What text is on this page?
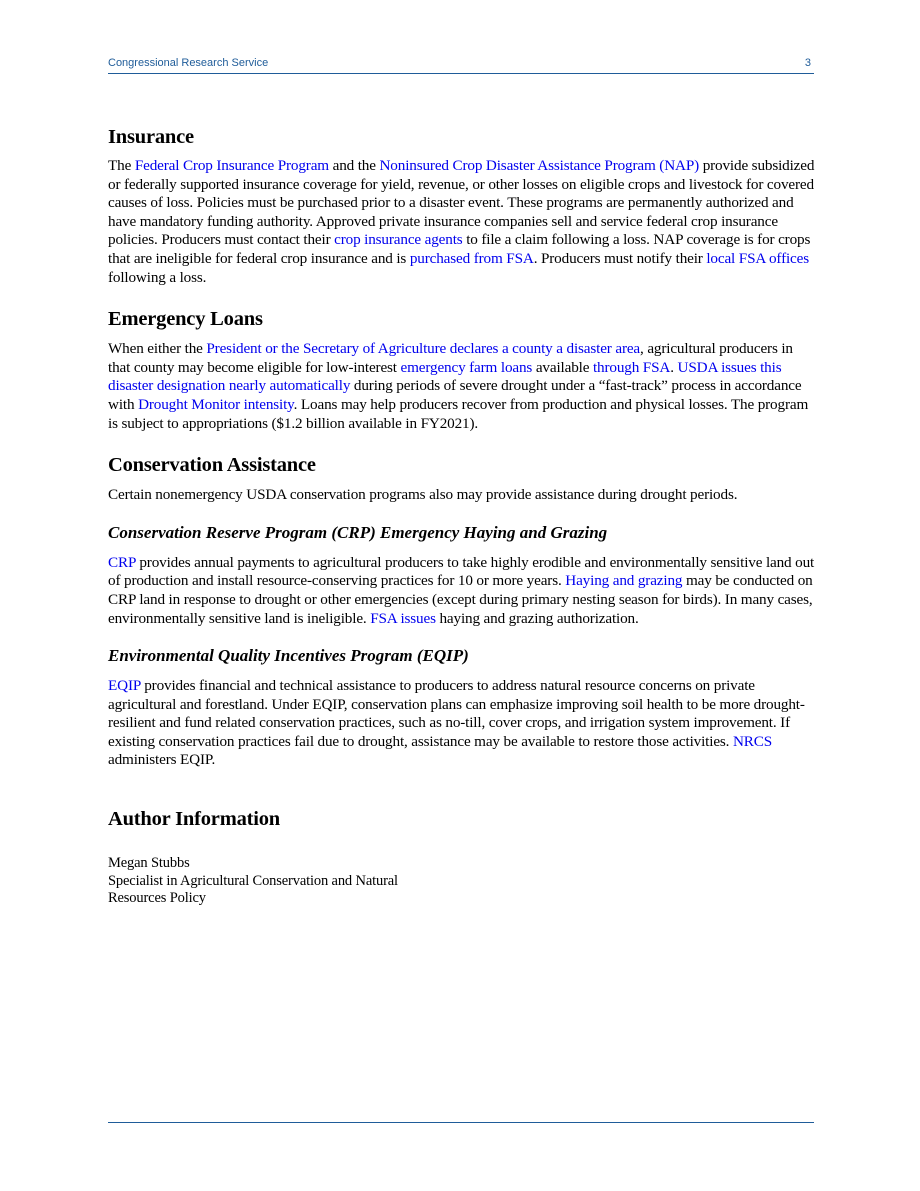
Congressional Research Service	3
Insurance

The Federal Crop Insurance Program and the Noninsured Crop Disaster Assistance Program (NAP) provide subsidized or federally supported insurance coverage for yield, revenue, or other losses on eligible crops and livestock for covered causes of loss. Policies must be purchased prior to a disaster event. These programs are permanently authorized and have mandatory funding authority. Approved private insurance companies sell and service federal crop insurance policies. Producers must contact their crop insurance agents to file a claim following a loss. NAP coverage is for crops that are ineligible for federal crop insurance and is purchased from FSA. Producers must notify their local FSA offices following a loss.

Emergency Loans

When either the President or the Secretary of Agriculture declares a county a disaster area, agricultural producers in that county may become eligible for low-interest emergency farm loans available through FSA. USDA issues this disaster designation nearly automatically during periods of severe drought under a “fast-track” process in accordance with Drought Monitor intensity. Loans may help producers recover from production and physical losses. The program is subject to appropriations ($1.2 billion available in FY2021).

Conservation Assistance

Certain nonemergency USDA conservation programs also may provide assistance during drought periods.

Conservation Reserve Program (CRP) Emergency Haying and Grazing

CRP provides annual payments to agricultural producers to take highly erodible and environmentally sensitive land out of production and install resource-conserving practices for 10 or more years. Haying and grazing may be conducted on CRP land in response to drought or other emergencies (except during primary nesting season for birds). In many cases, environmentally sensitive land is ineligible. FSA issues haying and grazing authorization.

Environmental Quality Incentives Program (EQIP)

EQIP provides financial and technical assistance to producers to address natural resource concerns on private agricultural and forestland. Under EQIP, conservation plans can emphasize improving soil health to be more drought-resilient and fund related conservation practices, such as no-till, cover crops, and irrigation system improvement. If existing conservation practices fail due to drought, assistance may be available to restore those activities. NRCS administers EQIP.

Author Information

Megan Stubbs

Specialist in Agricultural Conservation and Natural

Resources Policy
